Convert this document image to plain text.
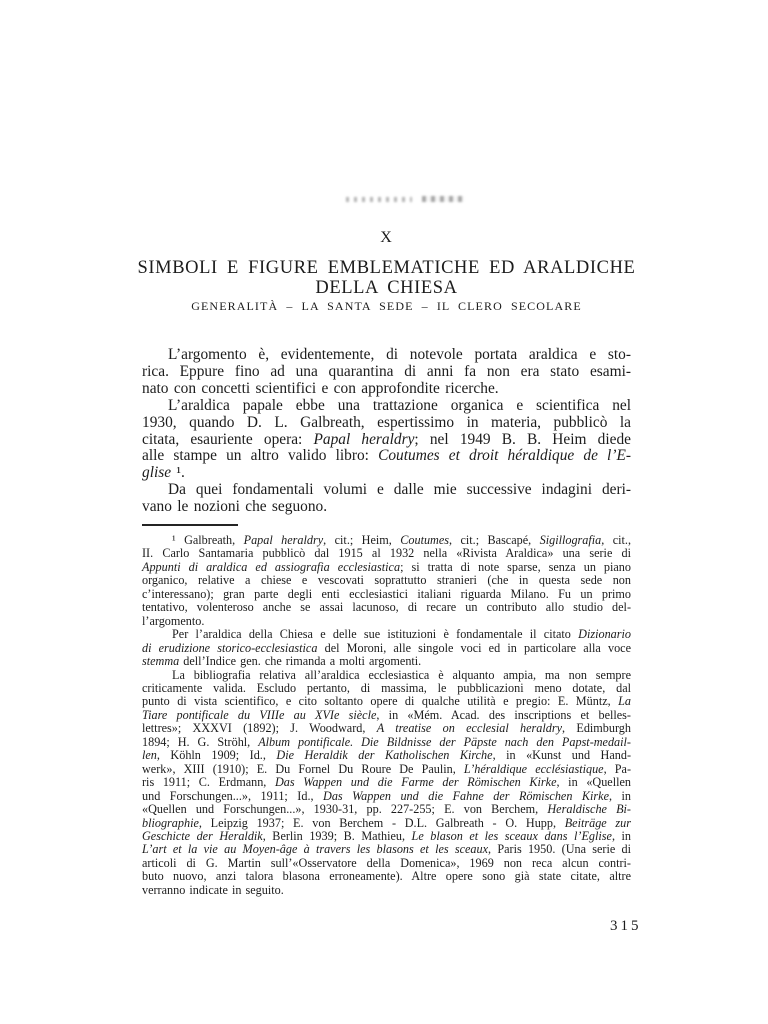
X
SIMBOLI E FIGURE EMBLEMATICHE ED ARALDICHE
DELLA CHIESA
GENERALITÀ – LA SANTA SEDE – IL CLERO SECOLARE
L’argomento è, evidentemente, di notevole portata araldica e sto-
rica. Eppure fino ad una quarantina di anni fa non era stato esami-
nato con concetti scientifici e con approfondite ricerche.
L’araldica papale ebbe una trattazione organica e scientifica nel
1930, quando D. L. Galbreath, espertissimo in materia, pubblicò la
citata, esauriente opera: Papal heraldry; nel 1949 B. B. Heim diede
alle stampe un altro valido libro: Coutumes et droit héraldique de l’E-
glise ¹.
Da quei fondamentali volumi e dalle mie successive indagini deri-
vano le nozioni che seguono.
¹ Galbreath, Papal heraldry, cit.; Heim, Coutumes, cit.; Bascapé, Sigillografia, cit.,
II. Carlo Santamaria pubblicò dal 1915 al 1932 nella «Rivista Araldica» una serie di
Appunti di araldica ed assiografia ecclesiastica; si tratta di note sparse, senza un piano
organico, relative a chiese e vescovati soprattutto stranieri (che in questa sede non
c’interessano); gran parte degli enti ecclesiastici italiani riguarda Milano. Fu un primo
tentativo, volenteroso anche se assai lacunoso, di recare un contributo allo studio del-
l’argomento.
Per l’araldica della Chiesa e delle sue istituzioni è fondamentale il citato Dizionario
di erudizione storico-ecclesiastica del Moroni, alle singole voci ed in particolare alla voce
stemma dell’Indice gen. che rimanda a molti argomenti.
La bibliografia relativa all’araldica ecclesiastica è alquanto ampia, ma non sempre
criticamente valida. Escludo pertanto, di massima, le pubblicazioni meno dotate, dal
punto di vista scientifico, e cito soltanto opere di qualche utilità e pregio: E. Müntz, La
Tiare pontificale du VIIIe au XVIe siècle, in «Mém. Acad. des inscriptions et belles-
lettres»; XXXVI (1892); J. Woodward, A treatise on ecclesial heraldry, Edimburgh
1894; H. G. Ströhl, Album pontificale. Die Bildnisse der Päpste nach den Papst-medail-
len, Köhln 1909; Id., Die Heraldik der Katholischen Kirche, in «Kunst und Hand-
werk», XIII (1910); E. Du Fornel Du Roure De Paulin, L’héraldique ecclésiastique, Pa-
ris 1911; C. Erdmann, Das Wappen und die Farme der Römischen Kirke, in «Quellen
und Forschungen...», 1911; Id., Das Wappen und die Fahne der Römischen Kirke, in
«Quellen und Forschungen...», 1930-31, pp. 227-255; E. von Berchem, Heraldische Bi-
bliographie, Leipzig 1937; E. von Berchem - D.L. Galbreath - O. Hupp, Beiträge zur
Geschicte der Heraldik, Berlin 1939; B. Mathieu, Le blason et les sceaux dans l’Eglise, in
L’art et la vie au Moyen-âge à travers les blasons et les sceaux, Paris 1950. (Una serie di
articoli di G. Martin sull’«Osservatore della Domenica», 1969 non reca alcun contri-
buto nuovo, anzi talora blasona erroneamente). Altre opere sono già state citate, altre
verranno indicate in seguito.
315
